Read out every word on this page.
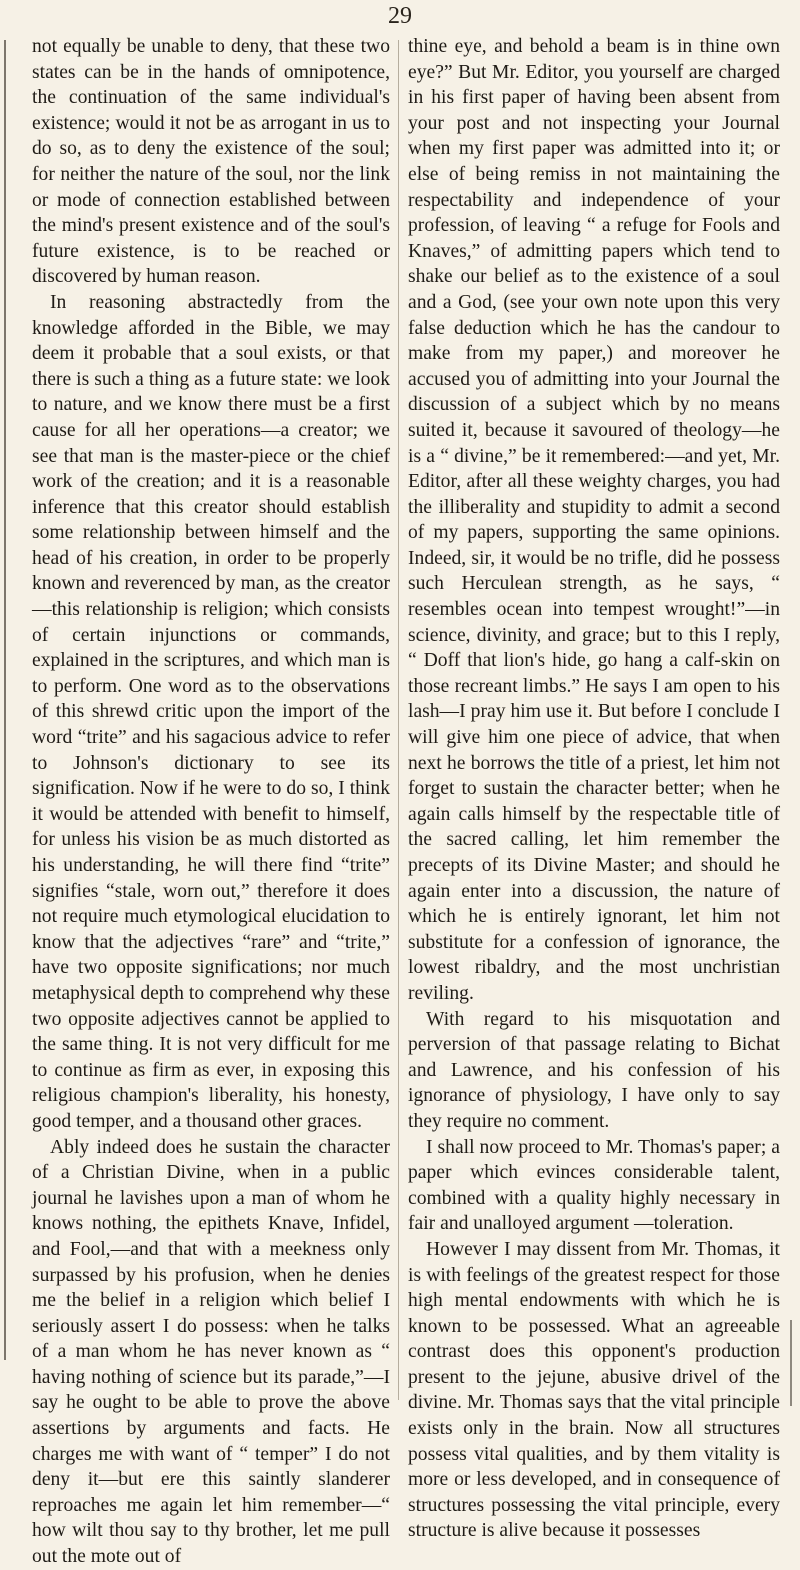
29

not equally be unable to deny, that these two states can be in the hands of omnipotence, the continuation of the same individual's existence; would it not be as arrogant in us to do so, as to deny the existence of the soul; for neither the nature of the soul, nor the link or mode of connection established between the mind's present existence and of the soul's future existence, is to be reached or discovered by human reason.

In reasoning abstractedly from the knowledge afforded in the Bible, we may deem it probable that a soul exists, or that there is such a thing as a future state: we look to nature, and we know there must be a first cause for all her operations—a creator; we see that man is the master-piece or the chief work of the creation; and it is a reasonable inference that this creator should establish some relationship between himself and the head of his creation, in order to be properly known and reverenced by man, as the creator—this relationship is religion; which consists of certain injunctions or commands, explained in the scriptures, and which man is to perform. One word as to the observations of this shrewd critic upon the import of the word “trite” and his sagacious advice to refer to Johnson's dictionary to see its signification. Now if he were to do so, I think it would be attended with benefit to himself, for unless his vision be as much distorted as his understanding, he will there find “trite” signifies “stale, worn out,” therefore it does not require much etymological elucidation to know that the adjectives “rare” and “trite,” have two opposite significations; nor much metaphysical depth to comprehend why these two opposite adjectives cannot be applied to the same thing. It is not very difficult for me to continue as firm as ever, in exposing this religious champion's liberality, his honesty, good temper, and a thousand other graces.

Ably indeed does he sustain the character of a Christian Divine, when in a public journal he lavishes upon a man of whom he knows nothing, the epithets Knave, Infidel, and Fool,—and that with a meekness only surpassed by his profusion, when he denies me the belief in a religion which belief I seriously assert I do possess: when he talks of a man whom he has never known as “ having nothing of science but its parade,”—I say he ought to be able to prove the above assertions by arguments and facts. He charges me with want of “ temper” I do not deny it—but ere this saintly slanderer reproaches me again let him remember—“ how wilt thou say to thy brother, let me pull out the mote out of

thine eye, and behold a beam is in thine own eye?” But Mr. Editor, you yourself are charged in his first paper of having been absent from your post and not inspecting your Journal when my first paper was admitted into it; or else of being remiss in not maintaining the respectability and independence of your profession, of leaving “ a refuge for Fools and Knaves,” of admitting papers which tend to shake our belief as to the existence of a soul and a God, (see your own note upon this very false deduction which he has the candour to make from my paper,) and moreover he accused you of admitting into your Journal the discussion of a subject which by no means suited it, because it savoured of theology—he is a “ divine,” be it remembered:—and yet, Mr. Editor, after all these weighty charges, you had the illiberality and stupidity to admit a second of my papers, supporting the same opinions. Indeed, sir, it would be no trifle, did he possess such Herculean strength, as he says, “ resembles ocean into tempest wrought!”—in science, divinity, and grace; but to this I reply, “ Doff that lion's hide, go hang a calf-skin on those recreant limbs.” He says I am open to his lash—I pray him use it. But before I conclude I will give him one piece of advice, that when next he borrows the title of a priest, let him not forget to sustain the character better; when he again calls himself by the respectable title of the sacred calling, let him remember the precepts of its Divine Master; and should he again enter into a discussion, the nature of which he is entirely ignorant, let him not substitute for a confession of ignorance, the lowest ribaldry, and the most unchristian reviling.

With regard to his misquotation and perversion of that passage relating to Bichat and Lawrence, and his confession of his ignorance of physiology, I have only to say they require no comment.

I shall now proceed to Mr. Thomas's paper; a paper which evinces considerable talent, combined with a quality highly necessary in fair and unalloyed argument —toleration.

However I may dissent from Mr. Thomas, it is with feelings of the greatest respect for those high mental endowments with which he is known to be possessed. What an agreeable contrast does this opponent's production present to the jejune, abusive drivel of the divine. Mr. Thomas says that the vital principle exists only in the brain. Now all structures possess vital qualities, and by them vitality is more or less developed, and in consequence of structures possessing the vital principle, every structure is alive because it possesses
